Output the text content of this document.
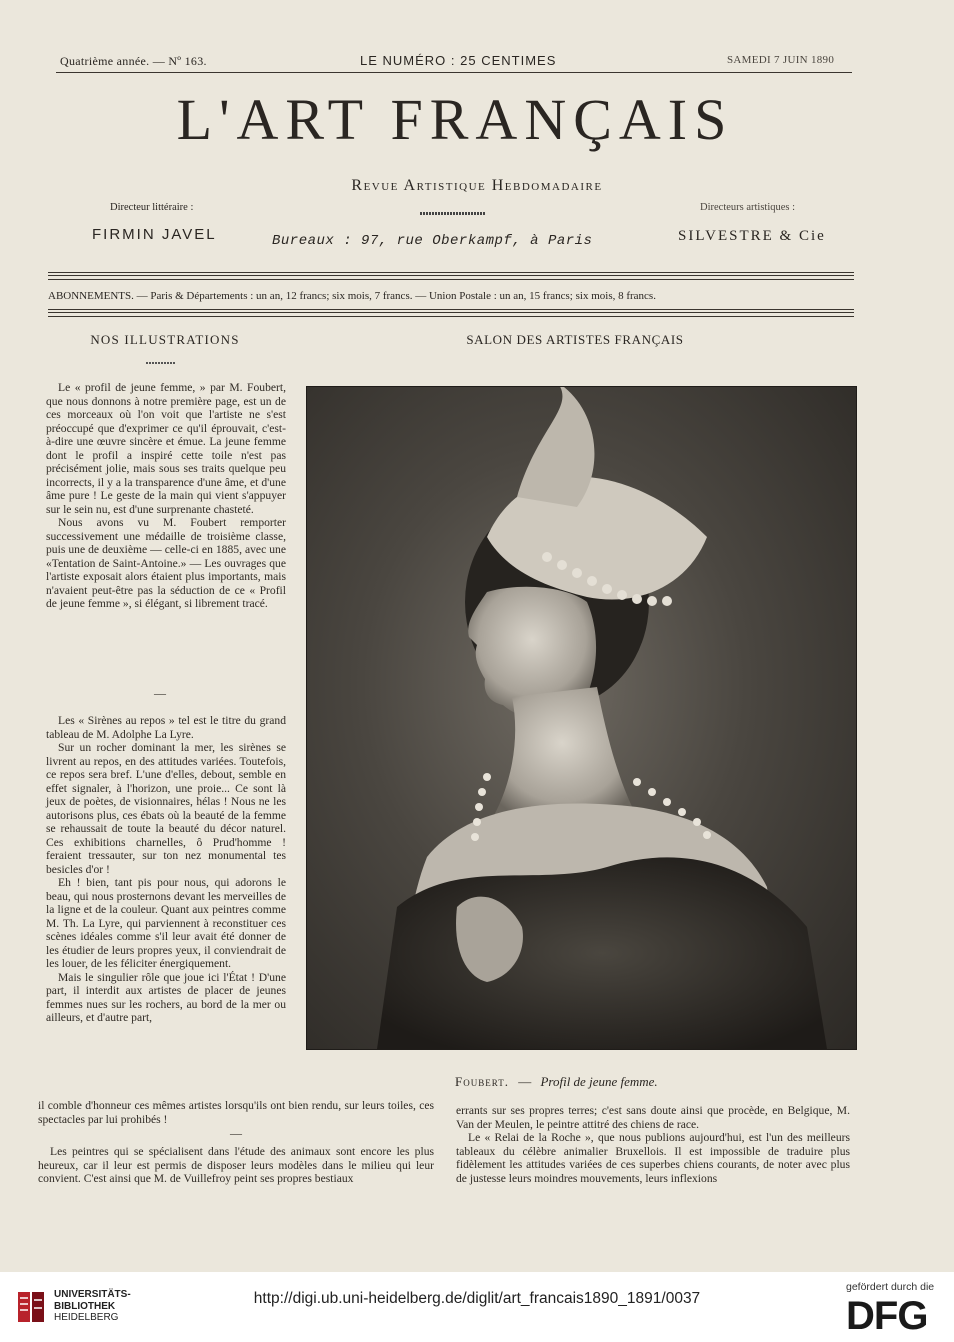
Quatrième année. — Nº 163.	LE NUMÉRO : 25 CENTIMES	SAMEDI 7 JUIN 1890
L'ART FRANÇAIS
Revue Artistique Hebdomadaire
Directeur littéraire :
FIRMIN JAVEL
Directeurs artistiques :
SILVESTRE & Cie
Bureaux : 97, rue Oberkampf, à Paris
ABONNEMENTS. — Paris & Départements : un an, 12 francs; six mois, 7 francs. — Union Postale : un an, 15 francs; six mois, 8 francs.
NOS ILLUSTRATIONS

Le « profil de jeune femme, » par M. Foubert, que nous donnons à notre première page, est un de ces morceaux où l'on voit que l'artiste ne s'est préoccupé que d'exprimer ce qu'il éprouvait, c'est-à-dire une œuvre sincère et émue. La jeune femme dont le profil a inspiré cette toile n'est pas précisément jolie, mais sous ses traits quelque peu incorrects, il y a la transparence d'une âme, et d'une âme pure ! Le geste de la main qui vient s'appuyer sur le sein nu, est d'une surprenante chasteté.

Nous avons vu M. Foubert remporter successivement une médaille de troisième classe, puis une de deuxième — celle-ci en 1885, avec une «Tentation de Saint-Antoine.» — Les ouvrages que l'artiste exposait alors étaient plus importants, mais n'avaient peut-être pas la séduction de ce « Profil de jeune femme », si élégant, si librement tracé.

—

Les « Sirènes au repos » tel est le titre du grand tableau de M. Adolphe La Lyre.

Sur un rocher dominant la mer, les sirènes se livrent au repos, en des attitudes variées. Toutefois, ce repos sera bref. L'une d'elles, debout, semble en effet signaler, à l'horizon, une proie... Ce sont là jeux de poètes, de visionnaires, hélas ! Nous ne les autorisons plus, ces ébats où la beauté de la femme se rehaussait de toute la beauté du décor naturel. Ces exhibitions charnelles, ô Prud'homme ! feraient tressauter, sur ton nez monumental tes besicles d'or !

Eh ! bien, tant pis pour nous, qui adorons le beau, qui nous prosternons devant les merveilles de la ligne et de la couleur. Quant aux peintres comme M. Th. La Lyre, qui parviennent à reconstituer ces scènes idéales comme s'il leur avait été donner de les étudier de leurs propres yeux, il conviendrait de les louer, de les féliciter énergiquement.

Mais le singulier rôle que joue ici l'État ! D'une part, il interdit aux artistes de placer de jeunes femmes nues sur les rochers, au bord de la mer ou ailleurs, et d'autre part,

il comble d'honneur ces mêmes artistes lorsqu'ils ont bien rendu, sur leurs toiles, ces spectacles par lui prohibés !
—

Les peintres qui se spécialisent dans l'étude des animaux sont encore les plus heureux, car il leur est permis de disposer leurs modèles dans le milieu qui leur convient. C'est ainsi que M. de Vuillefroy peint ses propres bestiaux

SALON DES ARTISTES FRANÇAIS
Foubert. — Profil de jeune femme.

errants sur ses propres terres; c'est sans doute ainsi que procède, en Belgique, M. Van der Meulen, le peintre attitré des chiens de race.

Le « Relai de la Roche », que nous publions aujourd'hui, est l'un des meilleurs tableaux du célèbre animalier Bruxellois. Il est impossible de traduire plus fidèlement les attitudes variées de ces superbes chiens courants, de noter avec plus de justesse leurs moindres mouvements, leurs inflexions

UNIVERSITÄTS-
BIBLIOTHEK
HEIDELBERG
http://digi.ub.uni-heidelberg.de/diglit/art_francais1890_1891/0037
gefördert durch die
DFG
